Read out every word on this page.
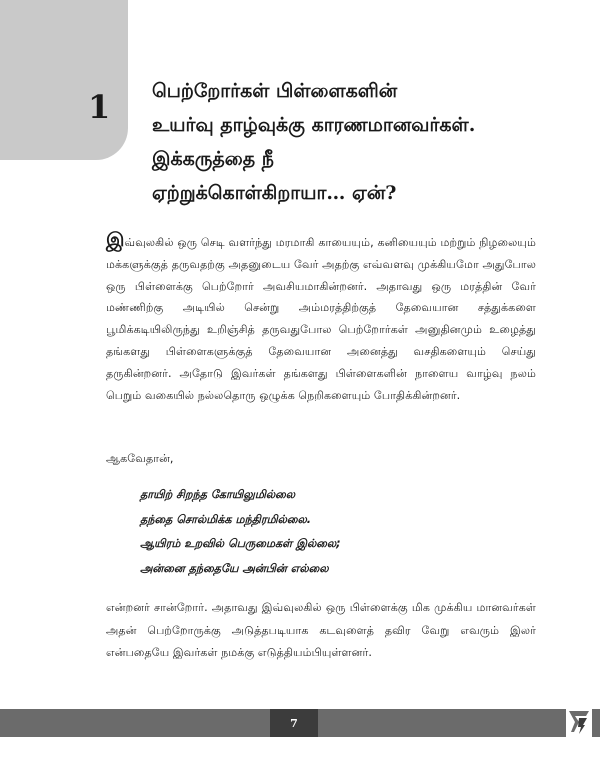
1	பெற்றோர்கள் பிள்ளைகளின்
உயர்வு தாழ்வுக்கு காரணமானவர்கள்.
இக்கருத்தை நீ
ஏற்றுக்கொள்கிறாயா… ஏன்?
இவ்வுலகில் ஒரு செடி வளர்ந்து மரமாகி காயையும், கனியையும் மற்றும் நிழலையும் மக்களுக்குத் தருவதற்கு அதனுடைய வேர் அதற்கு எவ்வளவு முக்கியமோ அதுபோல ஒரு பிள்ளைக்கு பெற்றோர் அவசியமாகின்றனர். அதாவது ஒரு மரத்தின் வேர் மண்ணிற்கு அடியில் சென்று அம்மரத்திற்குத் தேவையான சத்துக்களை பூமிக்கடியிலிருந்து உறிஞ்சித் தருவதுபோல பெற்றோர்கள் அனுதினமும் உழைத்து தங்களது பிள்ளைகளுக்குத் தேவையான அனைத்து வசதிகளையும் செய்து தருகின்றனர். அதோடு இவர்கள் தங்களது பிள்ளைகளின் நாளைய வாழ்வு நலம் பெறும் வகையில் நல்லதொரு ஒழுக்க நெறிகளையும் போதிக்கின்றனர்.
ஆகவேதான்,
தாயிற் சிறந்த கோயிலுமில்லை
தந்தை சொல்மிக்க மந்திரமில்லை.
ஆயிரம் உறவில் பெருமைகள் இல்லை;
அன்னை தந்தையே அன்பின் எல்லை
என்றனர் சான்றோர். அதாவது இவ்வுலகில் ஒரு பிள்ளைக்கு மிக முக்கிய மானவர்கள் அதன் பெற்றோருக்கு அடுத்தபடியாக கடவுளைத் தவிர வேறு எவரும் இலர் என்பதையே இவர்கள் நமக்கு எடுத்தியம்பியுள்ளனர்.
7
